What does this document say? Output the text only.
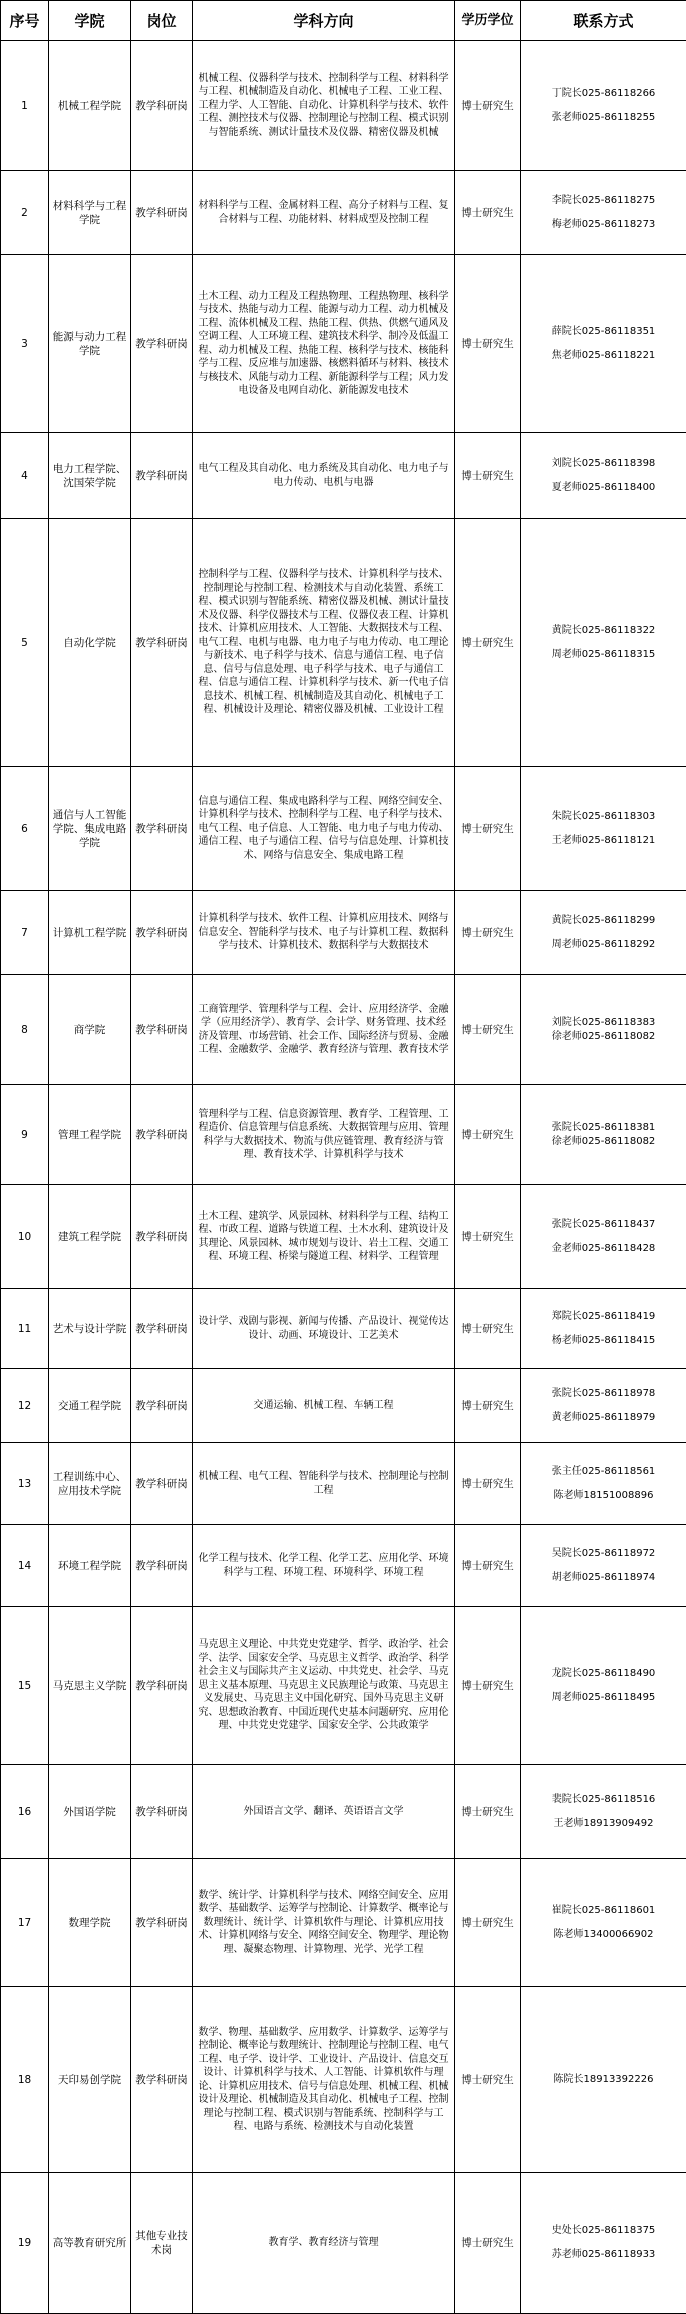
序号	学院	岗位	学科方向	学历学位	联系方式
1	机械工程学院	教学科研岗	机械工程、仪器科学与技术、控制科学与工程、材料科学与工程、机械制造及自动化、机械电子工程、工业工程、工程力学、人工智能、自动化、计算机科学与技术、软件工程、测控技术与仪器、控制理论与控制工程、模式识别与智能系统、测试计量技术及仪器、精密仪器及机械	博士研究生	丁院长025-86118266
张老师025-86118255

2	材料科学与工程学院	教学科研岗	材料科学与工程、金属材料工程、高分子材料与工程、复合材料与工程、功能材料、材料成型及控制工程	博士研究生	李院长025-86118275
梅老师025-86118273

3	能源与动力工程学院	教学科研岗	土木工程、动力工程及工程热物理、工程热物理、核科学与技术、热能与动力工程、能源与动力工程、动力机械及工程、流体机械及工程、热能工程、供热、供燃气通风及空调工程、人工环境工程、建筑技术科学、制冷及低温工程、动力机械及工程、热能工程、核科学与技术、核能科学与工程、反应堆与加速器、核燃料循环与材料、核技术与核技术、风能与动力工程、新能源科学与工程；风力发电设备及电网自动化、新能源发电技术	博士研究生	薛院长025-86118351
焦老师025-86118221

4	电力工程学院、沈国荣学院	教学科研岗	电气工程及其自动化、电力系统及其自动化、电力电子与电力传动、电机与电器	博士研究生	刘院长025-86118398
夏老师025-86118400

5	自动化学院	教学科研岗	控制科学与工程、仪器科学与技术、计算机科学与技术、控制理论与控制工程、检测技术与自动化装置、系统工程、模式识别与智能系统、精密仪器及机械、测试计量技术及仪器、科学仪器技术与工程、仪器仪表工程、计算机技术、计算机应用技术、人工智能、大数据技术与工程、电气工程、电机与电器、电力电子与电力传动、电工理论与新技术、电子科学与技术、信息与通信工程、电子信息、信号与信息处理、电子科学与技术、电子与通信工程、信息与通信工程、计算机科学与技术、新一代电子信息技术、机械工程、机械制造及其自动化、机械电子工程、机械设计及理论、精密仪器及机械、工业设计工程	博士研究生	黄院长025-86118322
周老师025-86118315

6	通信与人工智能学院、集成电路学院	教学科研岗	信息与通信工程、集成电路科学与工程、网络空间安全、计算机科学与技术、控制科学与工程、电子科学与技术、电气工程、电子信息、人工智能、电力电子与电力传动、通信工程、电子与通信工程、信号与信息处理、计算机技术、网络与信息安全、集成电路工程	博士研究生	朱院长025-86118303
王老师025-86118121

7	计算机工程学院	教学科研岗	计算机科学与技术、软件工程、计算机应用技术、网络与信息安全、智能科学与技术、电子与计算机工程、数据科学与技术、计算机技术、数据科学与大数据技术	博士研究生	黄院长025-86118299
周老师025-86118292

8	商学院	教学科研岗	工商管理学、管理科学与工程、会计、应用经济学、金融学（应用经济学）、教育学、会计学、财务管理、技术经济及管理、市场营销、社会工作、国际经济与贸易、金融工程、金融数学、金融学、教育经济与管理、教育技术学	博士研究生	刘院长025-86118383
徐老师025-86118082

9	管理工程学院	教学科研岗	管理科学与工程、信息资源管理、教育学、工程管理、工程造价、信息管理与信息系统、大数据管理与应用、管理科学与大数据技术、物流与供应链管理、教育经济与管理、教育技术学、计算机科学与技术	博士研究生	张院长025-86118381
徐老师025-86118082

10	建筑工程学院	教学科研岗	土木工程、建筑学、风景园林、材料科学与工程、结构工程、市政工程、道路与铁道工程、土木水利、建筑设计及其理论、风景园林、城市规划与设计、岩土工程、交通工程、环境工程、桥梁与隧道工程、材料学、工程管理	博士研究生	张院长025-86118437
金老师025-86118428

11	艺术与设计学院	教学科研岗	设计学、戏剧与影视、新闻与传播、产品设计、视觉传达设计、动画、环境设计、工艺美术	博士研究生	郑院长025-86118419
杨老师025-86118415

12	交通工程学院	教学科研岗	交通运输、机械工程、车辆工程	博士研究生	张院长025-86118978
黄老师025-86118979

13	工程训练中心、应用技术学院	教学科研岗	机械工程、电气工程、智能科学与技术、控制理论与控制工程	博士研究生	张主任025-86118561
陈老师18151008896

14	环境工程学院	教学科研岗	化学工程与技术、化学工程、化学工艺、应用化学、环境科学与工程、环境工程、环境科学、环境工程	博士研究生	吴院长025-86118972
胡老师025-86118974

15	马克思主义学院	教学科研岗	马克思主义理论、中共党史党建学、哲学、政治学、社会学、法学、国家安全学、马克思主义哲学、政治学、科学社会主义与国际共产主义运动、中共党史、社会学、马克思主义基本原理、马克思主义民族理论与政策、马克思主义发展史、马克思主义中国化研究、国外马克思主义研究、思想政治教育、中国近现代史基本问题研究、应用伦理、中共党史党建学、国家安全学、公共政策学	博士研究生	龙院长025-86118490
周老师025-86118495

16	外国语学院	教学科研岗	外国语言文学、翻译、英语语言文学	博士研究生	裴院长025-86118516
王老师18913909492

17	数理学院	教学科研岗	数学、统计学、计算机科学与技术、网络空间安全、应用数学、基础数学、运筹学与控制论、计算数学、概率论与数理统计、统计学、计算机软件与理论、计算机应用技术、计算机网络与安全、网络空间安全、物理学、理论物理、凝聚态物理、计算物理、光学、光学工程	博士研究生	崔院长025-86118601
陈老师13400066902

18	天印易创学院	教学科研岗	数学、物理、基础数学、应用数学、计算数学、运筹学与控制论、概率论与数理统计、控制理论与控制工程、电气工程、电子学、设计学、工业设计、产品设计、信息交互设计、计算机科学与技术、人工智能、计算机软件与理论、计算机应用技术、信号与信息处理、机械工程、机械设计及理论、机械制造及其自动化、机械电子工程、控制理论与控制工程、模式识别与智能系统、控制科学与工程、电路与系统、检测技术与自动化装置	博士研究生	陈院长18913392226

19	高等教育研究所	其他专业技术岗	教育学、教育经济与管理	博士研究生	史处长025-86118375
苏老师025-86118933
